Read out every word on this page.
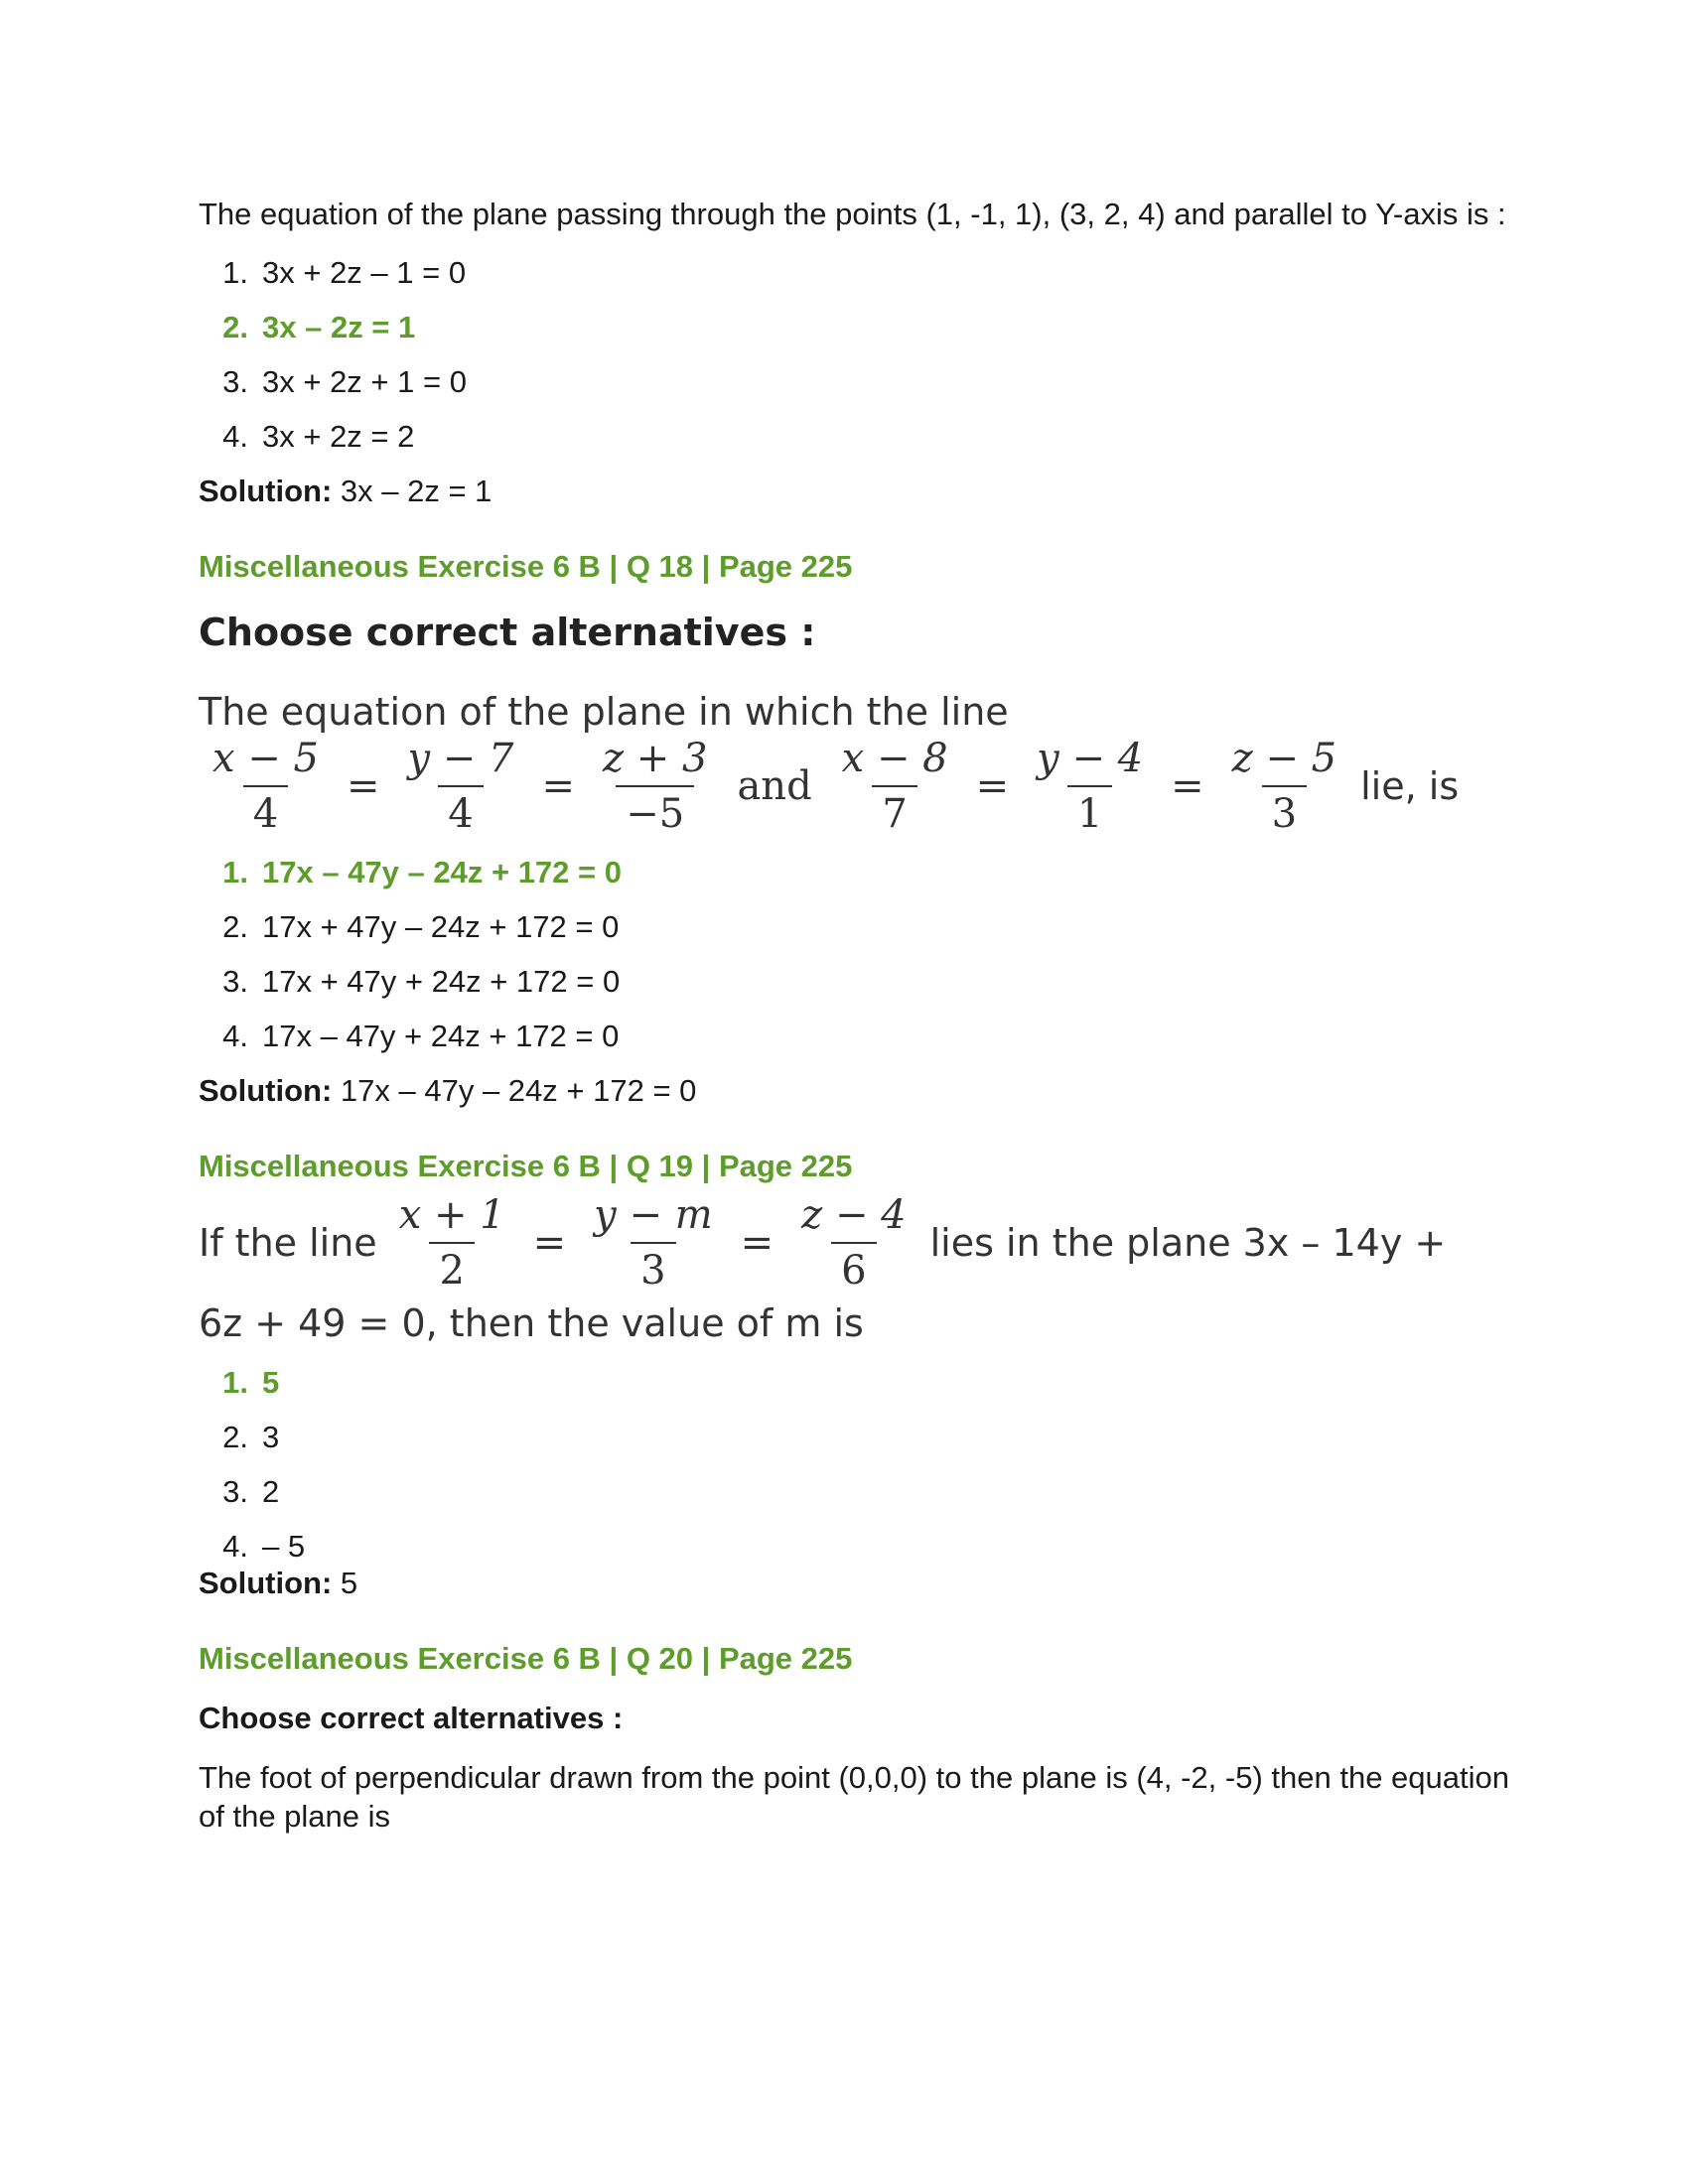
The equation of the plane passing through the points (1, -1, 1), (3, 2, 4) and parallel to Y-axis is :

1. 3x + 2z – 1 = 0
2. 3x – 2z = 1
3. 3x + 2z + 1 = 0
4. 3x + 2z = 2

Solution: 3x – 2z = 1

Miscellaneous Exercise 6 B | Q 18 | Page 225

Choose correct alternatives :

The equation of the plane in which the line
$\frac{x - 5}{4} = \frac{y - 7}{4} = \frac{z + 3}{-5}$ and $\frac{x - 8}{7} = \frac{y - 4}{1} = \frac{z - 5}{3}$ lie, is
1. 17x – 47y – 24z + 172 = 0
2. 17x + 47y – 24z + 172 = 0
3. 17x + 47y + 24z + 172 = 0
4. 17x – 47y + 24z + 172 = 0

Solution: 17x – 47y – 24z + 172 = 0

Miscellaneous Exercise 6 B | Q 19 | Page 225

If the line $\frac{x + 1}{2} = \frac{y - m}{3} = \frac{z - 4}{6}$ lies in the plane 3x – 14y +
6z + 49 = 0, then the value of m is
1. 5
2. 3
3. 2
4. – 5

Solution: 5

Miscellaneous Exercise 6 B | Q 20 | Page 225

Choose correct alternatives :

The foot of perpendicular drawn from the point (0,0,0) to the plane is (4, -2, -5) then the equation of the plane is
